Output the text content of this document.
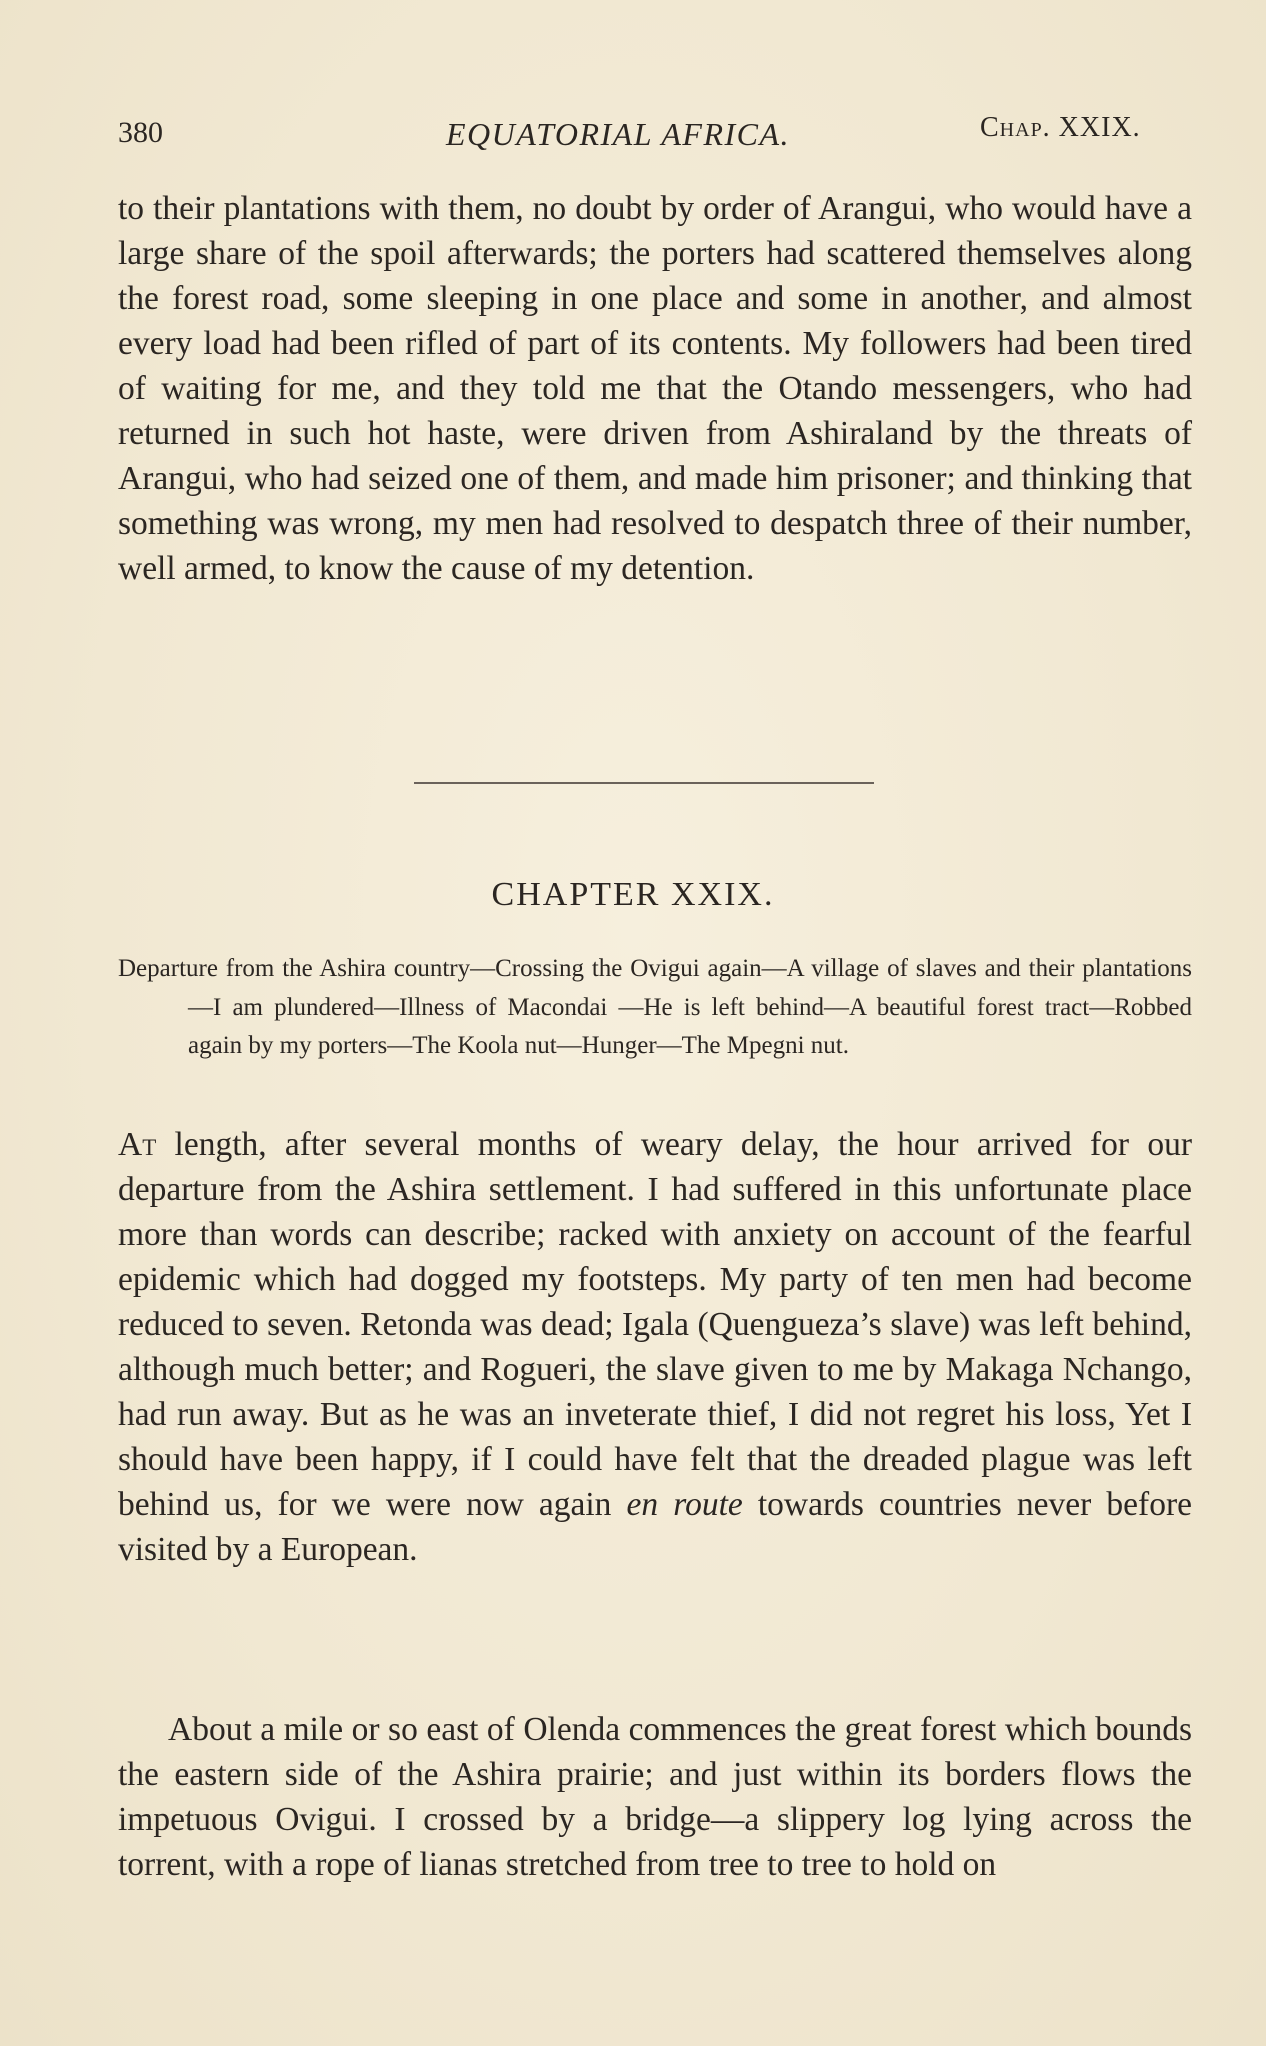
380	EQUATORIAL AFRICA.	Chap. XXIX.

to their plantations with them, no doubt by order of Arangui, who would have a large share of the spoil afterwards; the porters had scattered themselves along the forest road, some sleeping in one place and some in another, and almost every load had been rifled of part of its contents. My followers had been tired of waiting for me, and they told me that the Otando messengers, who had returned in such hot haste, were driven from Ashiraland by the threats of Arangui, who had seized one of them, and made him prisoner; and thinking that something was wrong, my men had resolved to despatch three of their number, well armed, to know the cause of my detention.

CHAPTER XXIX.

Departure from the Ashira country—Crossing the Ovigui again—A village of slaves and their plantations—I am plundered—Illness of Macondai —He is left behind—A beautiful forest tract—Robbed again by my porters—The Koola nut—Hunger—The Mpegni nut.

At length, after several months of weary delay, the hour arrived for our departure from the Ashira settlement. I had suffered in this unfortunate place more than words can describe; racked with anxiety on account of the fearful epidemic which had dogged my footsteps. My party of ten men had become reduced to seven. Retonda was dead; Igala (Quengueza’s slave) was left behind, although much better; and Rogueri, the slave given to me by Makaga Nchango, had run away. But as he was an inveterate thief, I did not regret his loss, Yet I should have been happy, if I could have felt that the dreaded plague was left behind us, for we were now again en route towards countries never before visited by a European.

About a mile or so east of Olenda commences the great forest which bounds the eastern side of the Ashira prairie; and just within its borders flows the impetuous Ovigui. I crossed by a bridge—a slippery log lying across the torrent, with a rope of lianas stretched from tree to tree to hold on
